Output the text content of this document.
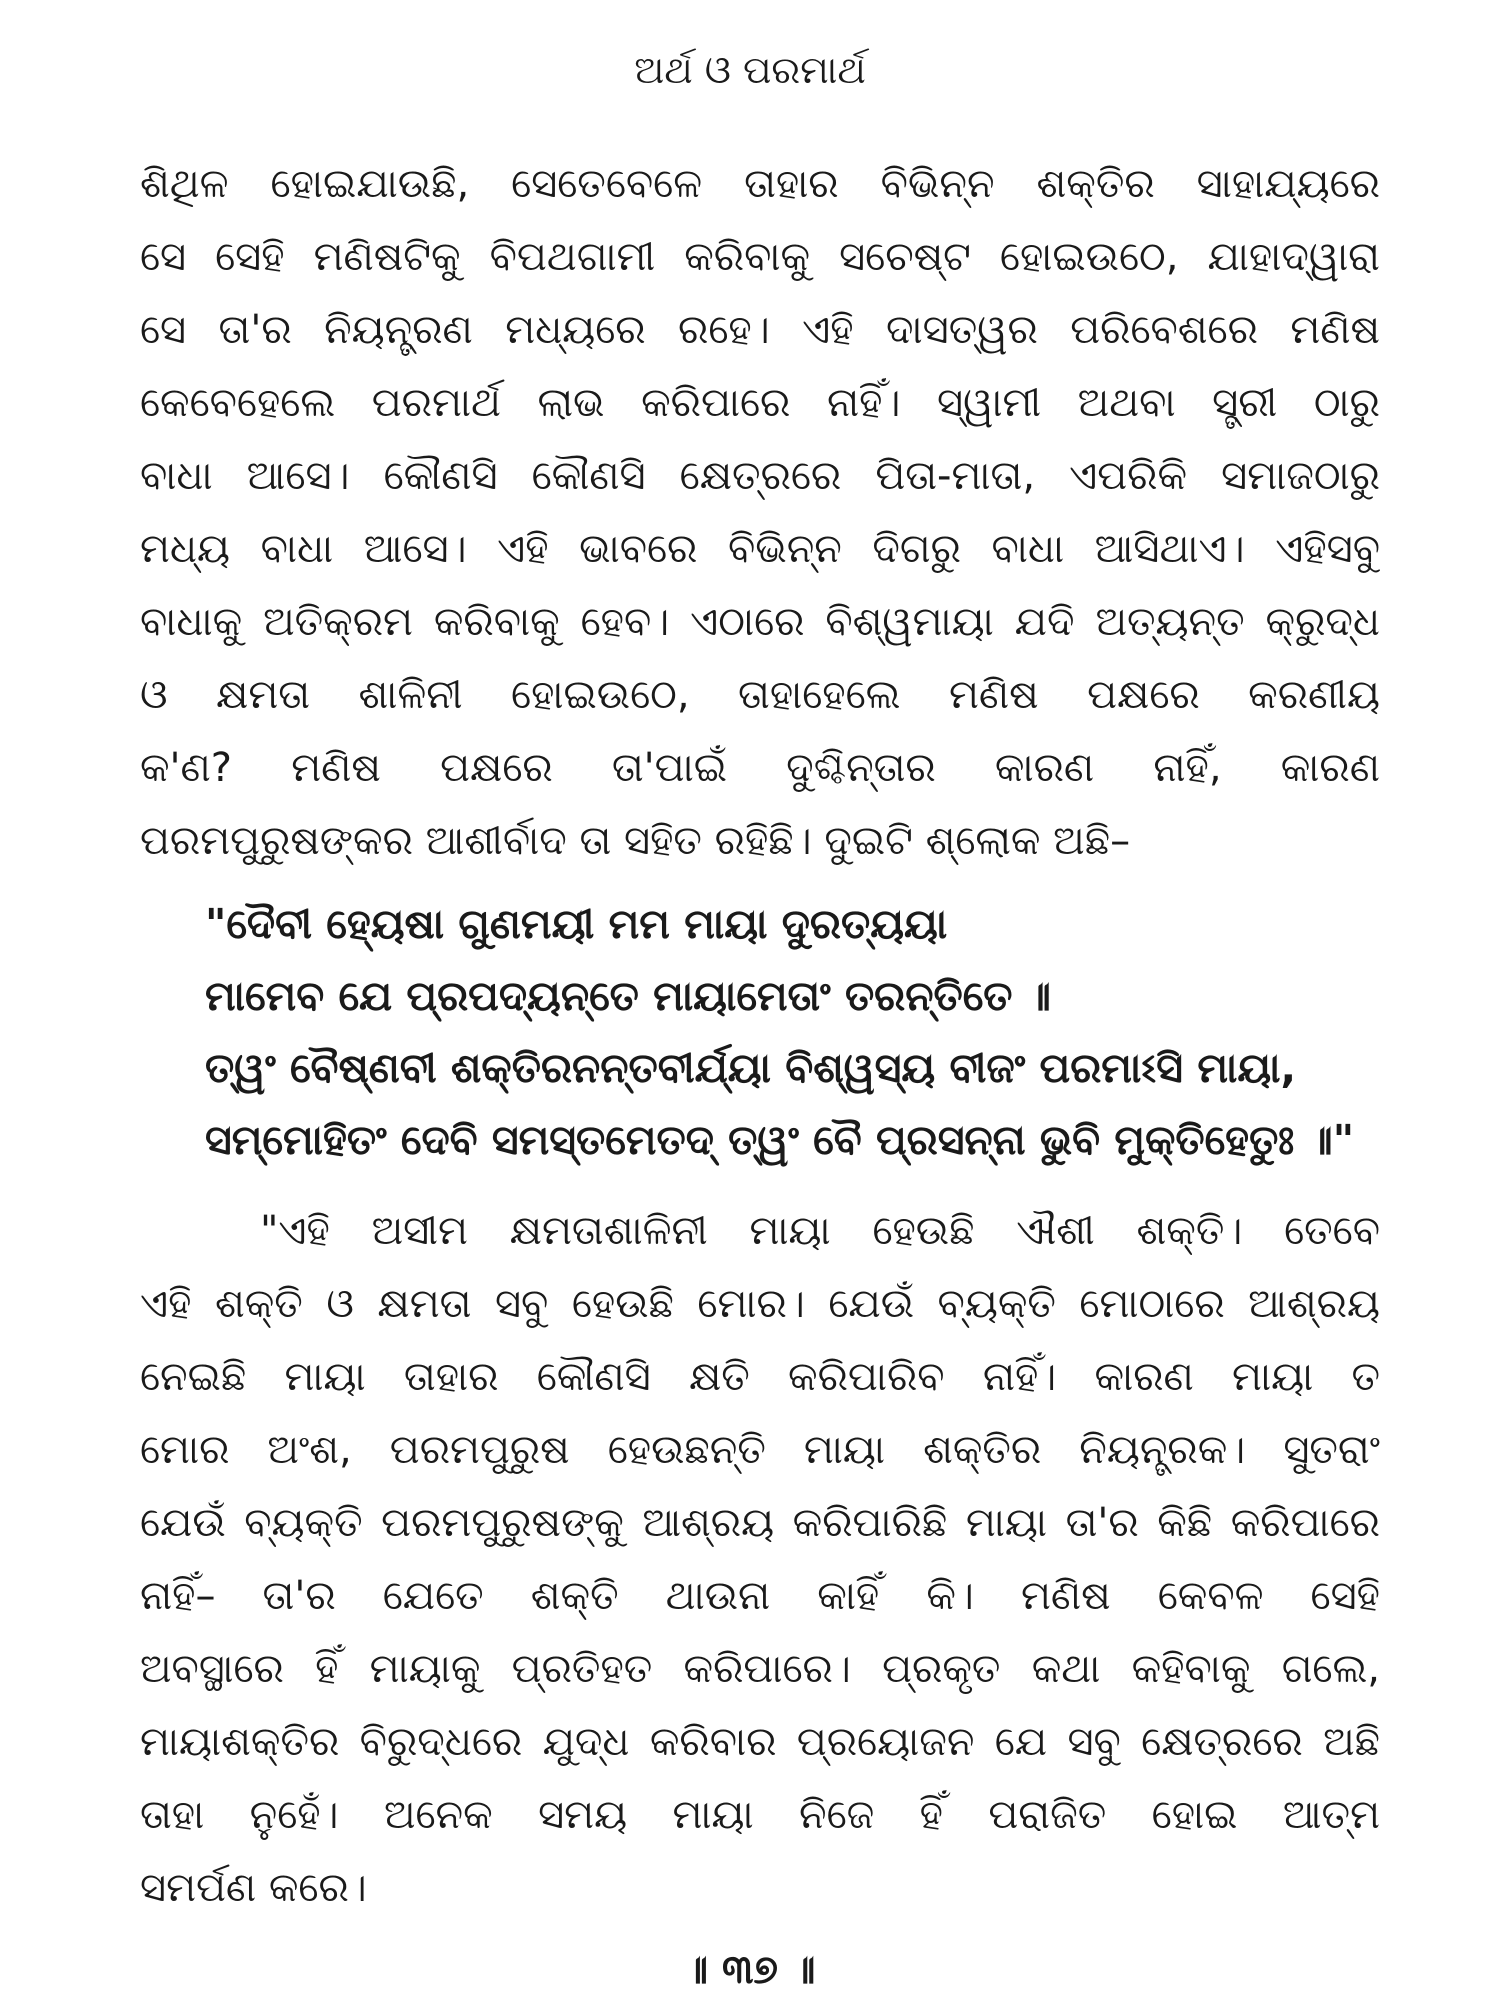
ଅର୍ଥ ଓ ପରମାର୍ଥ
ଶିଥିଳ ହୋଇଯାଉଛି, ସେତେବେଳେ ତାହାର ବିଭିନ୍ନ ଶକ୍ତିର ସାହାଯ୍ୟରେ
ସେ ସେହି ମଣିଷଟିକୁ ବିପଥଗାମୀ କରିବାକୁ ସଚେଷ୍ଟ ହୋଇଉଠେ, ଯାହାଦ୍ୱାରା
ସେ ତା'ର ନିୟନ୍ତ୍ରଣ ମଧ୍ୟରେ ରହେ। ଏହି ଦାସତ୍ୱର ପରିବେଶରେ ମଣିଷ
କେବେହେଲେ ପରମାର୍ଥ ଲାଭ କରିପାରେ ନାହିଁ। ସ୍ୱାମୀ ଅଥବା ସ୍ତ୍ରୀ ଠାରୁ
ବାଧା ଆସେ। କୌଣସି କୌଣସି କ୍ଷେତ୍ରରେ ପିତା-ମାତା, ଏପରିକି ସମାଜଠାରୁ
ମଧ୍ୟ ବାଧା ଆସେ। ଏହି ଭାବରେ ବିଭିନ୍ନ ଦିଗରୁ ବାଧା ଆସିଥାଏ। ଏହିସବୁ
ବାଧାକୁ ଅତିକ୍ରମ କରିବାକୁ ହେବ। ଏଠାରେ ବିଶ୍ୱମାୟା ଯଦି ଅତ୍ୟନ୍ତ କ୍ରୁଦ୍ଧ
ଓ କ୍ଷମତା ଶାଳିନୀ ହୋଇଉଠେ, ତାହାହେଲେ ମଣିଷ ପକ୍ଷରେ କରଣୀୟ
କ'ଣ? ମଣିଷ ପକ୍ଷରେ ତା'ପାଇଁ ଦୁଶ୍ଚିନ୍ତାର କାରଣ ନାହିଁ, କାରଣ
ପରମପୁରୁଷଙ୍କର ଆଶୀର୍ବାଦ ତା ସହିତ ରହିଛି। ଦୁଇଟି ଶ୍ଲୋକ ଅଛି–
"ଦୈବୀ ହ୍ୟେଷା ଗୁଣମୟୀ ମମ ମାୟା ଦୁରତ୍ୟୟା
ମାମେବ ଯେ ପ୍ରପଦ୍ୟନ୍ତେ ମାୟାମେତାଂ ତରନ୍ତିତେ ॥
ତ୍ୱଂ ବୈଷ୍ଣବୀ ଶକ୍ତିରନନ୍ତବୀର୍ଯ୍ୟା ବିଶ୍ୱସ୍ୟ ବୀଜଂ ପରମାଽସି ମାୟା,
ସମ୍ମୋହିତଂ ଦେବି ସମସ୍ତମେତଦ୍ ତ୍ୱଂ ବୈ ପ୍ରସନ୍ନା ଭୁବି ମୁକ୍ତିହେତୁଃ ॥"
"ଏହି ଅସୀମ କ୍ଷମତାଶାଳିନୀ ମାୟା ହେଉଛି ଐଶୀ ଶକ୍ତି। ତେବେ
ଏହି ଶକ୍ତି ଓ କ୍ଷମତା ସବୁ ହେଉଛି ମୋର। ଯେଉଁ ବ୍ୟକ୍ତି ମୋଠାରେ ଆଶ୍ରୟ
ନେଇଛି ମାୟା ତାହାର କୌଣସି କ୍ଷତି କରିପାରିବ ନାହିଁ। କାରଣ ମାୟା ତ
ମୋର ଅଂଶ, ପରମପୁରୁଷ ହେଉଛନ୍ତି ମାୟା ଶକ୍ତିର ନିୟନ୍ତ୍ରକ। ସୁତରାଂ
ଯେଉଁ ବ୍ୟକ୍ତି ପରମପୁରୁଷଙ୍କୁ ଆଶ୍ରୟ କରିପାରିଛି ମାୟା ତା'ର କିଛି କରିପାରେ
ନାହିଁ– ତା'ର ଯେତେ ଶକ୍ତି ଥାଉନା କାହିଁ କି। ମଣିଷ କେବଳ ସେହି
ଅବସ୍ଥାରେ ହିଁ ମାୟାକୁ ପ୍ରତିହତ କରିପାରେ। ପ୍ରକୃତ କଥା କହିବାକୁ ଗଲେ,
ମାୟାଶକ୍ତିର ବିରୁଦ୍ଧରେ ଯୁଦ୍ଧ କରିବାର ପ୍ରୟୋଜନ ଯେ ସବୁ କ୍ଷେତ୍ରରେ ଅଛି
ତାହା ନୁହେଁ। ଅନେକ ସମୟ ମାୟା ନିଜେ ହିଁ ପରାଜିତ ହୋଇ ଆତ୍ମ
ସମର୍ପଣ କରେ।
॥ ୩୭ ॥
